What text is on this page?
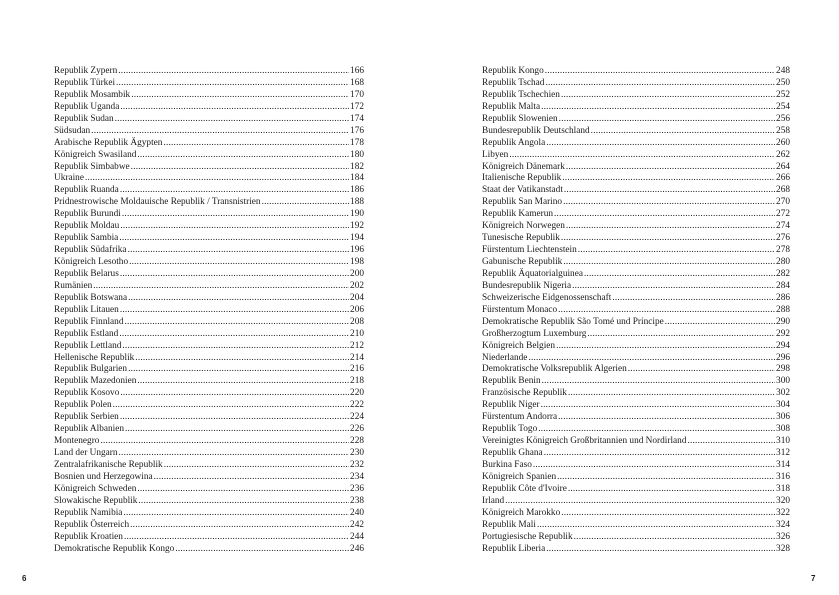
Republik Zypern .....	166
Republik Türkei .....	168
Republik Mosambik .....	170
Republik Uganda .....	172
Republik Sudan .....	174
Südsudan .....	176
Arabische Republik Ägypten .....	178
Königreich Swasiland .....	180
Republik Simbabwe .....	182
Ukraine .....	184
Republik Ruanda .....	186
Pridnestrowische Moldauische Republik / Transnistrien .....	188
Republik Burundi .....	190
Republik Moldau .....	192
Republik Sambia .....	194
Republik Südafrika .....	196
Königreich Lesotho .....	198
Republik Belarus .....	200
Rumänien .....	202
Republik Botswana .....	204
Republik Litauen .....	206
Republik Finnland .....	208
Republik Estland .....	210
Republik Lettland .....	212
Hellenische Republik .....	214
Republik Bulgarien .....	216
Republik Mazedonien .....	218
Republik Kosovo .....	220
Republik Polen .....	222
Republik Serbien .....	224
Republik Albanien .....	226
Montenegro .....	228
Land der Ungarn .....	230
Zentralafrikanische Republik .....	232
Bosnien und Herzegowina .....	234
Königreich Schweden .....	236
Slowakische Republik .....	238
Republik Namibia .....	240
Republik Österreich .....	242
Republik Kroatien .....	244
Demokratische Republik Kongo .....	246
Republik Kongo .....	248
Republik Tschad .....	250
Republik Tschechien .....	252
Republik Malta .....	254
Republik Slowenien .....	256
Bundesrepublik Deutschland .....	258
Republik Angola .....	260
Libyen .....	262
Königreich Dänemark .....	264
Italienische Republik .....	266
Staat der Vatikanstadt .....	268
Republik San Marino .....	270
Republik Kamerun .....	272
Königreich Norwegen .....	274
Tunesische Republik .....	276
Fürstentum Liechtenstein .....	278
Gabunische Republik .....	280
Republik Äquatorialguinea .....	282
Bundesrepublik Nigeria .....	284
Schweizerische Eidgenossenschaft .....	286
Fürstentum Monaco .....	288
Demokratische Republik São Tomé und Príncipe .....	290
Großherzogtum Luxemburg .....	292
Königreich Belgien .....	294
Niederlande .....	296
Demokratische Volksrepublik Algerien .....	298
Republik Benin .....	300
Französische Republik .....	302
Republik Niger .....	304
Fürstentum Andorra .....	306
Republik Togo .....	308
Vereinigtes Königreich Großbritannien und Nordirland .....	310
Republik Ghana .....	312
Burkina Faso .....	314
Königreich Spanien .....	316
Republik Côte d'Ivoire .....	318
Irland .....	320
Königreich Marokko .....	322
Republik Mali .....	324
Portugiesische Republik .....	326
Republik Liberia .....	328
6	7
